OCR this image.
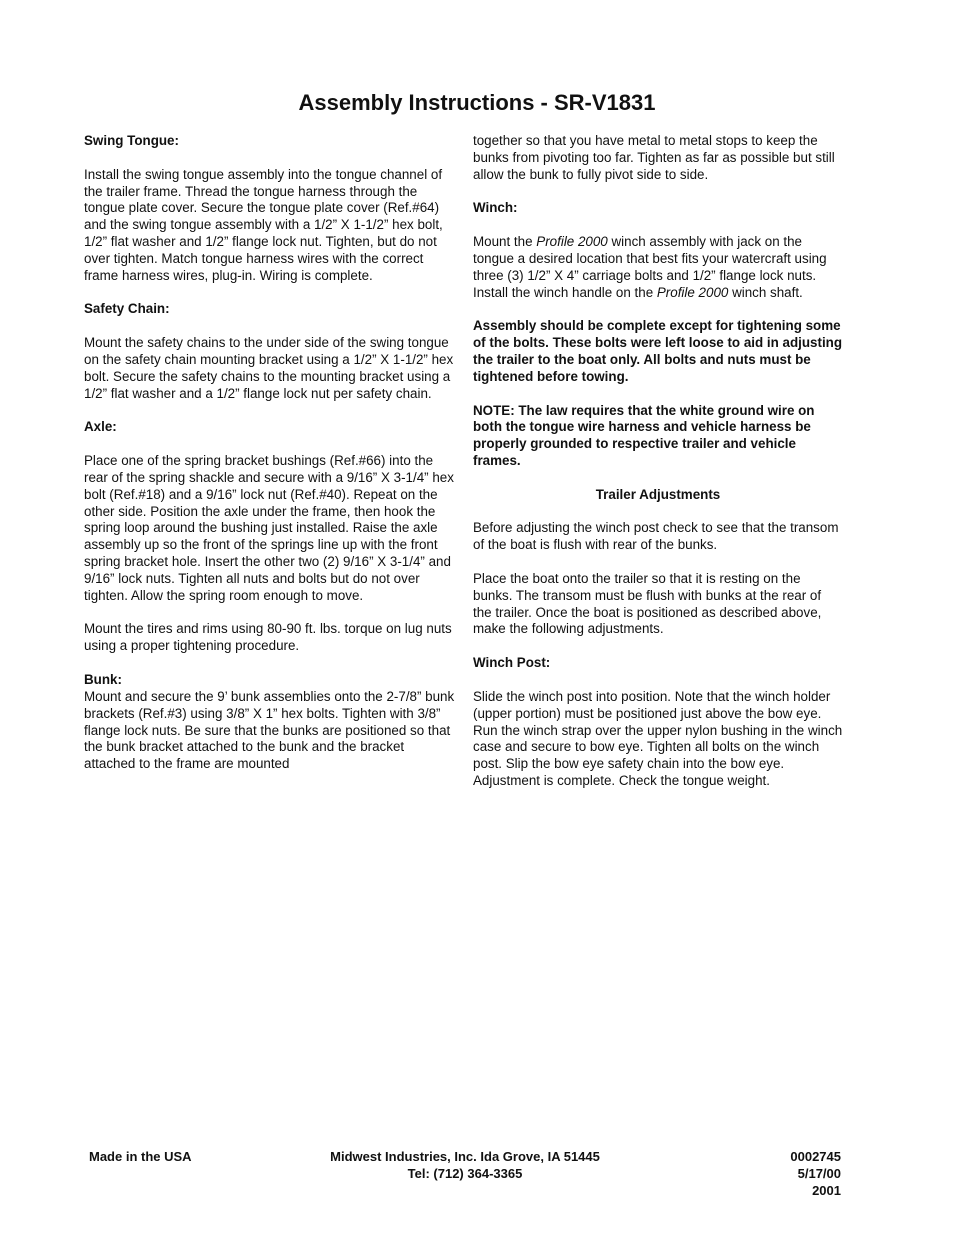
Assembly Instructions - SR-V1831

Swing Tongue:

Install the swing tongue assembly into the tongue channel of the trailer frame. Thread the tongue harness through the tongue plate cover. Secure the tongue plate cover (Ref.#64) and the swing tongue assembly with a 1/2” X 1-1/2” hex bolt, 1/2” flat washer and 1/2” flange lock nut. Tighten, but do not over tighten. Match tongue harness wires with the correct frame harness wires, plug-in. Wiring is complete.

Safety Chain:

Mount the safety chains to the under side of the swing tongue on the safety chain mounting bracket using a 1/2” X 1-1/2” hex bolt. Secure the safety chains to the mounting bracket using a 1/2” flat washer and a 1/2” flange lock nut per safety chain.

Axle:

Place one of the spring bracket bushings (Ref.#66) into the rear of the spring shackle and secure with a 9/16” X 3-1/4” hex bolt (Ref.#18) and a 9/16” lock nut (Ref.#40). Repeat on the other side. Position the axle under the frame, then hook the spring loop around the bushing just installed. Raise the axle assembly up so the front of the springs line up with the front spring bracket hole. Insert the other two (2) 9/16” X 3-1/4” and 9/16” lock nuts. Tighten all nuts and bolts but do not over tighten. Allow the spring room enough to move.

Mount the tires and rims using 80-90 ft. lbs. torque on lug nuts using a proper tightening procedure.

Bunk:

Mount and secure the 9’ bunk assemblies onto the 2-7/8” bunk brackets (Ref.#3) using 3/8” X 1” hex bolts. Tighten with 3/8” flange lock nuts. Be sure that the bunks are positioned so that the bunk bracket attached to the bunk and the bracket attached to the frame are mounted

together so that you have metal to metal stops to keep the bunks from pivoting too far. Tighten as far as possible but still allow the bunk to fully pivot side to side.

Winch:

Mount the Profile 2000 winch assembly with jack on the tongue a desired location that best fits your watercraft using three (3) 1/2” X 4” carriage bolts and 1/2” flange lock nuts. Install the winch handle on the Profile 2000 winch shaft.

Assembly should be complete except for tightening some of the bolts. These bolts were left loose to aid in adjusting the trailer to the boat only. All bolts and nuts must be tightened before towing.

NOTE: The law requires that the white ground wire on both the tongue wire harness and vehicle harness be properly grounded to respective trailer and vehicle frames.

Trailer Adjustments

Before adjusting the winch post check to see that the transom of the boat is flush with rear of the bunks.

Place the boat onto the trailer so that it is resting on the bunks. The transom must be flush with bunks at the rear of the trailer. Once the boat is positioned as described above, make the following adjustments.

Winch Post:

Slide the winch post into position. Note that the winch holder (upper portion) must be positioned just above the bow eye. Run the winch strap over the upper nylon bushing in the winch case and secure to bow eye. Tighten all bolts on the winch post. Slip the bow eye safety chain into the bow eye. Adjustment is complete. Check the tongue weight.

Made in the USA	Midwest Industries, Inc. Ida Grove, IA 51445
Tel: (712) 364-3365
0002745
5/17/00
2001
